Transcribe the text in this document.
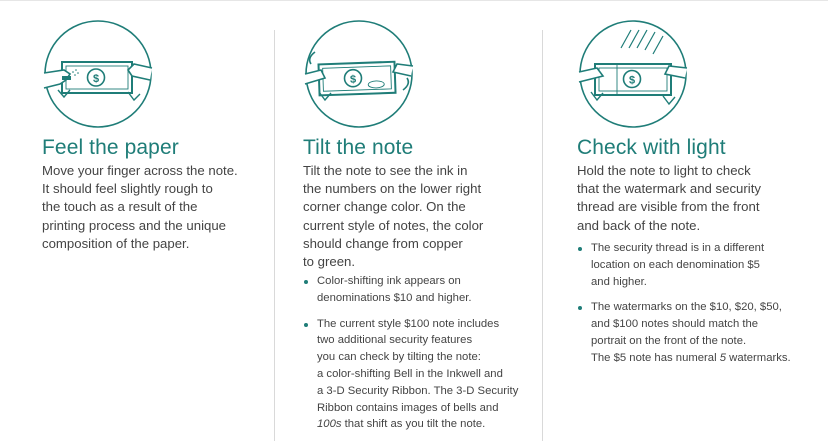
$
Feel the paper
Move your finger across the note.
It should feel slightly rough to
the touch as a result of the
printing process and the unique
composition of the paper.
$
Tilt the note
Tilt the note to see the ink in
the numbers on the lower right
corner change color. On the
current style of notes, the color
should change from copper
to green.
Color-shifting ink appears on
denominations $10 and higher.
The current style $100 note includes
two additional security features
you can check by tilting the note:
a color-shifting Bell in the Inkwell and
a 3-D Security Ribbon. The 3-D Security
Ribbon contains images of bells and
100s that shift as you tilt the note.
$
Check with light
Hold the note to light to check
that the watermark and security
thread are visible from the front
and back of the note.
The security thread is in a different
location on each denomination $5
and higher.
The watermarks on the $10, $20, $50,
and $100 notes should match the
portrait on the front of the note.
The $5 note has numeral 5 watermarks.
